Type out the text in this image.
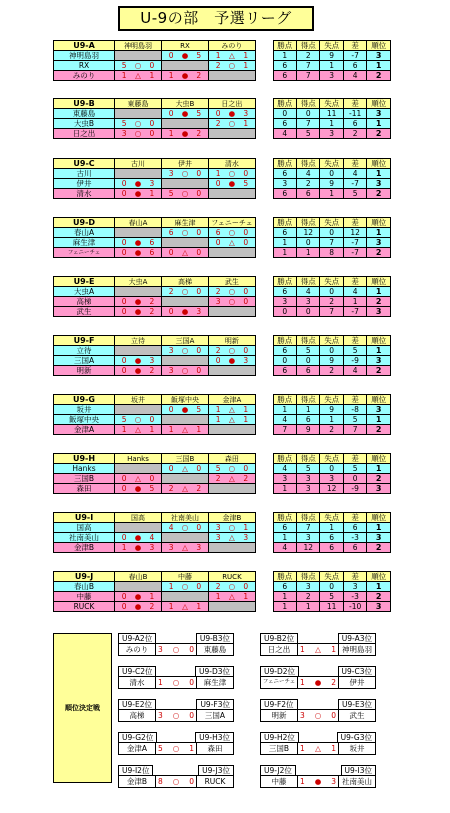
U-9の部　予選リーグ
U9-A	神明島羽	RX	みのり		勝点	得点	失点	差	順位
神明島羽		0 ● 5	1 △ 1		1	2	9	-7	3
RX	5 ○ 0		2 ○ 1		6	7	1	6	1
みのり	1 △ 1	1 ● 2			6	7	3	4	2
U9-B	東藤島	大虫B	日之出		勝点	得点	失点	差	順位
東藤島		0 ● 5	0 ● 3		0	0	11	-11	3
大虫B	5 ○ 0		2 ○ 1		6	7	1	6	1
日之出	3 ○ 0	1 ● 2			4	5	3	2	2
U9-C	古川	伊井	清水		勝点	得点	失点	差	順位
古川		3 ○ 0	1 ○ 0		6	4	0	4	1
伊井	0 ● 3		0 ● 5		3	2	9	-7	3
清水	0 ● 1	5 ○ 0			6	6	1	5	2
U9-D	春山A	麻生津	フェニーチェ		勝点	得点	失点	差	順位
春山A		6 ○ 0	6 ○ 0		6	12	0	12	1
麻生津	0 ● 6		0 △ 0		1	0	7	-7	3
フェニーチェ	0 ● 6	0 △ 0			1	1	8	-7	2
U9-E	大虫A	高梯	武生		勝点	得点	失点	差	順位
大虫A		2 ○ 0	2 ○ 0		6	4	0	4	1
高梯	0 ● 2		3 ○ 0		3	3	2	1	2
武生	0 ● 2	0 ● 3			0	0	7	-7	3
U9-F	立待	三国A	明新		勝点	得点	失点	差	順位
立待		3 ○ 0	2 ○ 0		6	5	0	5	1
三国A	0 ● 3		0 ● 3		0	0	9	-9	3
明新	0 ● 2	3 ○ 0			6	6	2	4	2
U9-G	坂井	飯塚中央	金津A		勝点	得点	失点	差	順位
坂井		0 ● 5	1 △ 1		1	1	9	-8	3
飯塚中央	5 ○ 0		1 △ 1		4	6	1	5	1
金津A	1 △ 1	1 △ 1			7	9	2	7	2
U9-H	Hanks	三国B	森田		勝点	得点	失点	差	順位
Hanks		0 △ 0	5 ○ 0		4	5	0	5	1
三国B	0 △ 0		2 △ 2		3	3	3	0	2
森田	0 ● 5	2 △ 2			1	3	12	-9	3
U9-I	国高	社南美山	金津B		勝点	得点	失点	差	順位
国高		4 ○ 0	3 ○ 1		6	7	1	6	1
社南美山	0 ● 4		3 △ 3		1	3	6	-3	3
金津B	1 ● 3	3 △ 3			4	12	6	6	2
U9-J	春山B	中藤	RUCK		勝点	得点	失点	差	順位
春山B		1 ○ 0	2 ○ 0		6	3	0	3	1
中藤	0 ● 1		1 △ 1		1	2	5	-3	2
RUCK	0 ● 2	1 △ 1			1	1	11	-10	3
順位決定戦
U9-A2位	U9-B3位
みのり	3 ○ 0	東藤島
U9-B2位	U9-A3位
日之出	1 △ 1 神明島羽
U9-C2位	U9-D3位
清水	1 ○ 0	麻生津
U9-D2位	U9-C3位
フェニーチェ 1 ● 2	伊井
U9-E2位	U9-F3位
高梯	3 ○ 0	三国A
U9-F2位	U9-E3位
明新	3 ○ 0	武生
U9-G2位	U9-H3位
金津A	5 ○ 1	森田
U9-H2位	U9-G3位
三国B	1 △ 1	坂井
U9-I2位	U9-J3位
金津B	8 ○ 0	RUCK
U9-J2位	U9-I3位
中藤	1 ● 3 社南美山
